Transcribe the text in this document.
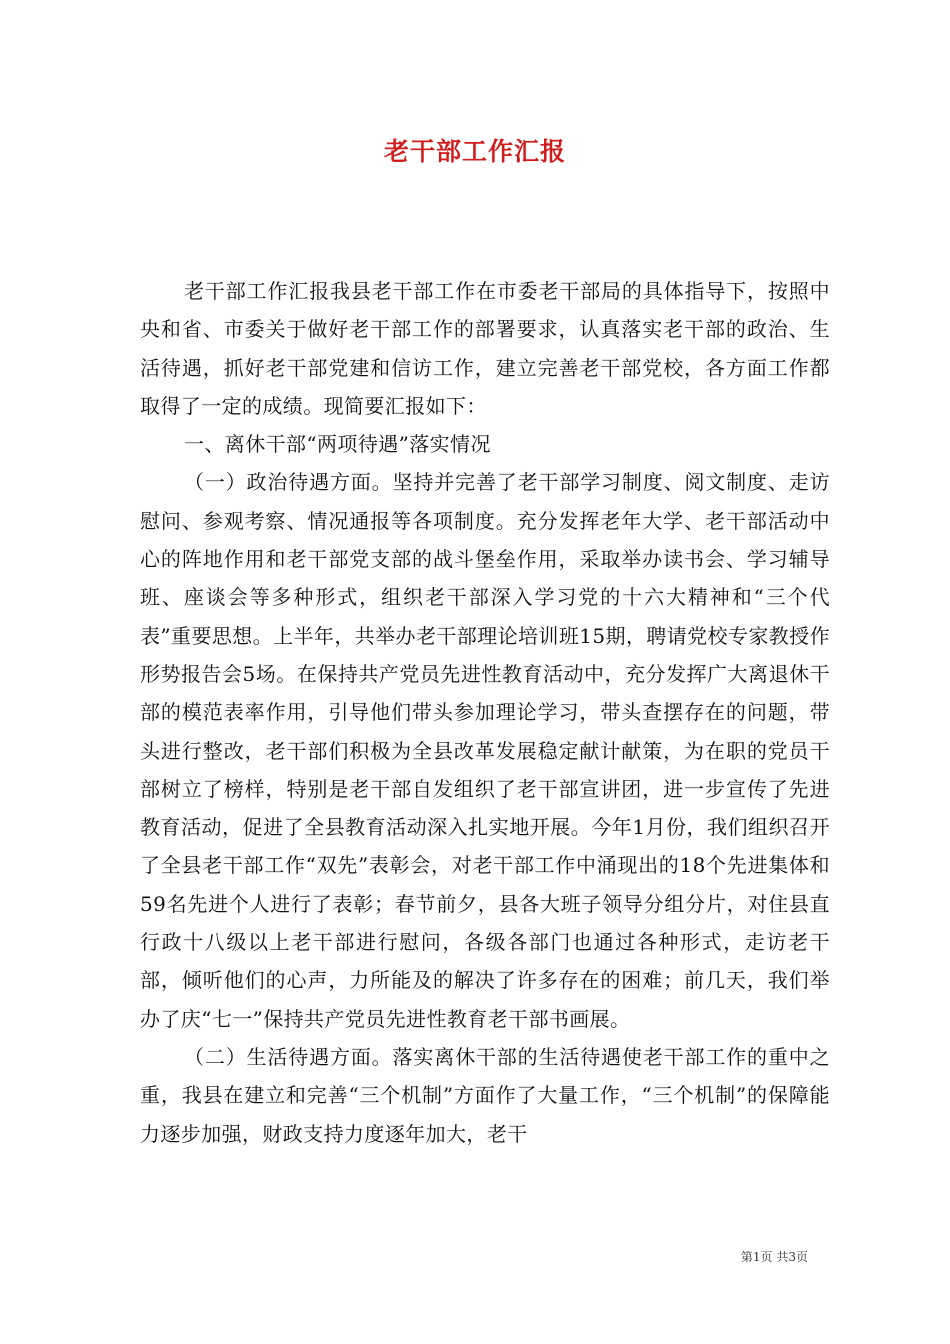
老干部工作汇报

老干部工作汇报我县老干部工作在市委老干部局的具体指导下，按照中央和省、市委关于做好老干部工作的部署要求，认真落实老干部的政治、生活待遇，抓好老干部党建和信访工作，建立完善老干部党校，各方面工作都取得了一定的成绩。现简要汇报如下：

一、离休干部“两项待遇”落实情况

（一）政治待遇方面。坚持并完善了老干部学习制度、阅文制度、走访慰问、参观考察、情况通报等各项制度。充分发挥老年大学、老干部活动中心的阵地作用和老干部党支部的战斗堡垒作用，采取举办读书会、学习辅导班、座谈会等多种形式，组织老干部深入学习党的十六大精神和“三个代表”重要思想。上半年，共举办老干部理论培训班15期，聘请党校专家教授作形势报告会5场。在保持共产党员先进性教育活动中，充分发挥广大离退休干部的模范表率作用，引导他们带头参加理论学习，带头查摆存在的问题，带头进行整改，老干部们积极为全县改革发展稳定献计献策，为在职的党员干部树立了榜样，特别是老干部自发组织了老干部宣讲团，进一步宣传了先进教育活动，促进了全县教育活动深入扎实地开展。今年1月份，我们组织召开了全县老干部工作“双先”表彰会，对老干部工作中涌现出的18个先进集体和59名先进个人进行了表彰；春节前夕，县各大班子领导分组分片，对住县直行政十八级以上老干部进行慰问，各级各部门也通过各种形式，走访老干部，倾听他们的心声，力所能及的解决了许多存在的困难；前几天，我们举办了庆“七一”保持共产党员先进性教育老干部书画展。

（二）生活待遇方面。落实离休干部的生活待遇使老干部工作的重中之重，我县在建立和完善“三个机制”方面作了大量工作，“三个机制”的保障能力逐步加强，财政支持力度逐年加大，老干

第1页 共3页
